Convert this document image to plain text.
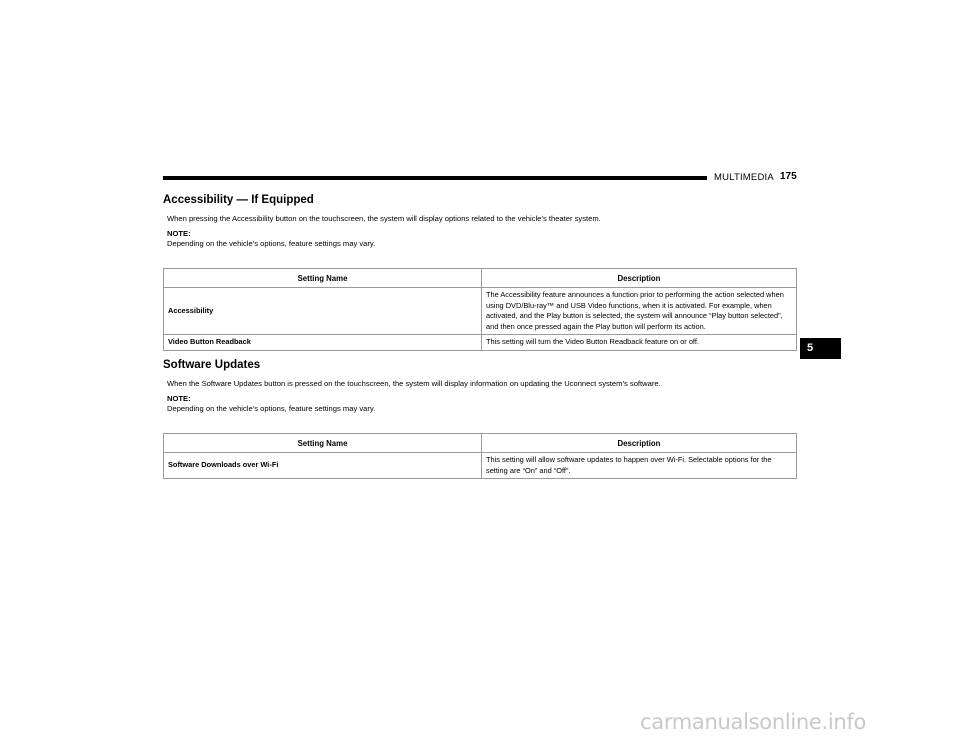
MULTIMEDIA 175
5
Accessibility — If Equipped
When pressing the Accessibility button on the touchscreen, the system will display options related to the vehicle’s theater system.
NOTE:
Depending on the vehicle’s options, feature settings may vary.
Setting Name	Description
Accessibility	The Accessibility feature announces a function prior to performing the action selected when using DVD/Blu-ray™ and USB Video functions, when it is activated. For example, when activated, and the Play button is selected, the system will announce “Play button selected”, and then once pressed again the Play button will perform its action.
Video Button Readback	This setting will turn the Video Button Readback feature on or off.
Software Updates
When the Software Updates button is pressed on the touchscreen, the system will display information on updating the Uconnect system’s software.
NOTE:
Depending on the vehicle’s options, feature settings may vary.
Setting Name	Description
Software Downloads over Wi-Fi	This setting will allow software updates to happen over Wi-Fi. Selectable options for the setting are “On” and “Off”.
carmanualsonline.info
